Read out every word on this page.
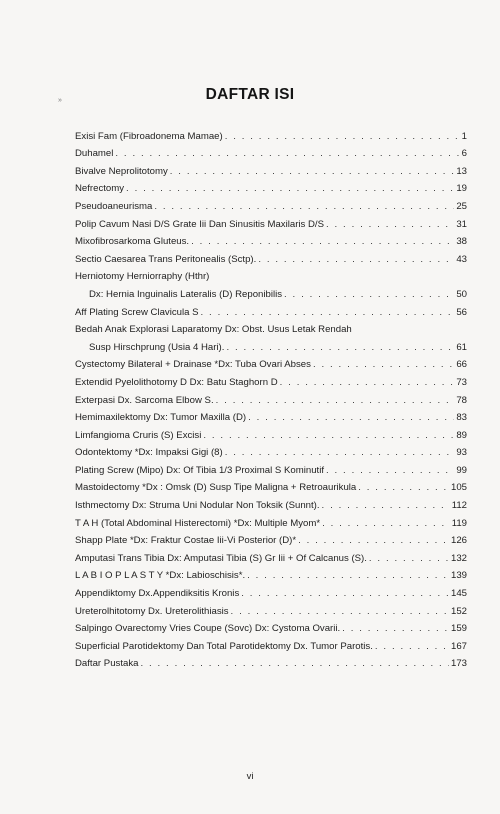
DAFTAR ISI
»
Exisi Fam (Fibroadonema Mamae) . . .	1
Duhamel . . .	6
Bivalve Neprolitotomy . . .	13
Nefrectomy . . .	19
Pseudoaneurisma . . .	25
Polip Cavum Nasi D/S Grate Iii Dan Sinusitis Maxilaris D/S . . .	31
Mixofibrosarkoma Gluteus. . . .	38
Sectio Caesarea Trans Peritonealis (Sctp). . . .	43
Herniotomy Herniorraphy (Hthr)
Dx: Hernia Inguinalis Lateralis (D) Reponibilis . . .	50
Aff Plating Screw Clavicula S . . .	56
Bedah Anak Explorasi Laparatomy Dx: Obst. Usus Letak Rendah
Susp Hirschprung (Usia 4 Hari). . . .	61
Cystectomy Bilateral + Drainase *Dx: Tuba Ovari Abses . . .	66
Extendid Pyelolithotomy D Dx: Batu Staghorn D . . .	73
Exterpasi Dx. Sarcoma Elbow S. . . .	78
Hemimaxilektomy Dx: Tumor Maxilla (D) . . .	83
Limfangioma Cruris (S) Excisi . . .	89
Odontektomy *Dx: Impaksi Gigi (8) . . .	93
Plating Screw (Mipo) Dx: Of Tibia 1/3 Proximal S Kominutif . . .	99
Mastoidectomy *Dx : Omsk (D) Susp Tipe Maligna + Retroaurikula . . .	105
Isthmectomy Dx: Struma Uni Nodular Non Toksik (Sunnt). . . .	112
T A H (Total Abdominal Histerectomi) *Dx: Multiple Myom* . . .	119
Shapp Plate *Dx: Fraktur Costae Iii-Vi Posterior (D)* . . .	126
Amputasi Trans Tibia Dx: Amputasi Tibia (S) Gr Iii + Of Calcanus (S). . . .	132
L A B I O P L A S T Y *Dx: Labioschisis*. . . .	139
Appendiktomy Dx.Appendiksitis Kronis . . .	145
Ureterolhitotomy Dx. Ureterolithiasis . . .	152
Salpingo Ovarectomy Vries Coupe (Sovc) Dx: Cystoma Ovarii. . . .	159
Superficial Parotidektomy Dan Total Parotidektomy Dx. Tumor Parotis. . . .	167
Daftar Pustaka . . .	173
vi
